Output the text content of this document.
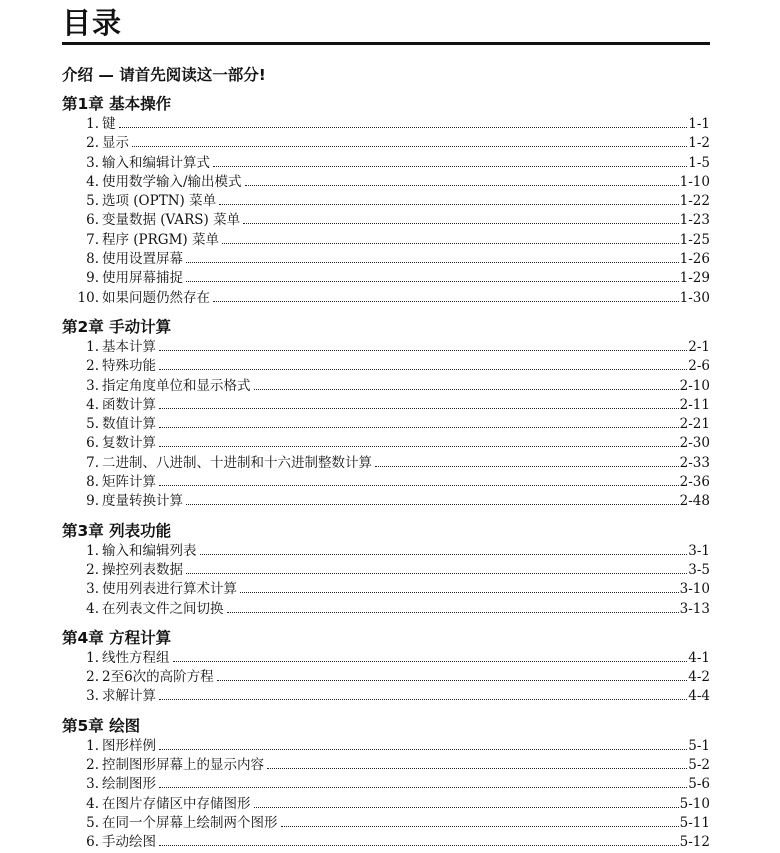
目录
介绍 — 请首先阅读这一部分!
第1章 基本操作
1. 键	1-1
2. 显示	1-2
3. 输入和编辑计算式	1-5
4. 使用数学输入/输出模式	1-10
5. 选项 (OPTN) 菜单	1-22
6. 变量数据 (VARS) 菜单	1-23
7. 程序 (PRGM) 菜单	1-25
8. 使用设置屏幕	1-26
9. 使用屏幕捕捉	1-29
10. 如果问题仍然存在	1-30
第2章 手动计算
1. 基本计算	2-1
2. 特殊功能	2-6
3. 指定角度单位和显示格式	2-10
4. 函数计算	2-11
5. 数值计算	2-21
6. 复数计算	2-30
7. 二进制、八进制、十进制和十六进制整数计算	2-33
8. 矩阵计算	2-36
9. 度量转换计算	2-48
第3章 列表功能
1. 输入和编辑列表	3-1
2. 操控列表数据	3-5
3. 使用列表进行算术计算	3-10
4. 在列表文件之间切换	3-13
第4章 方程计算
1. 线性方程组	4-1
2. 2至6次的高阶方程	4-2
3. 求解计算	4-4
第5章 绘图
1. 图形样例	5-1
2. 控制图形屏幕上的显示内容	5-2
3. 绘制图形	5-6
4. 在图片存储区中存储图形	5-10
5. 在同一个屏幕上绘制两个图形	5-11
6. 手动绘图	5-12
